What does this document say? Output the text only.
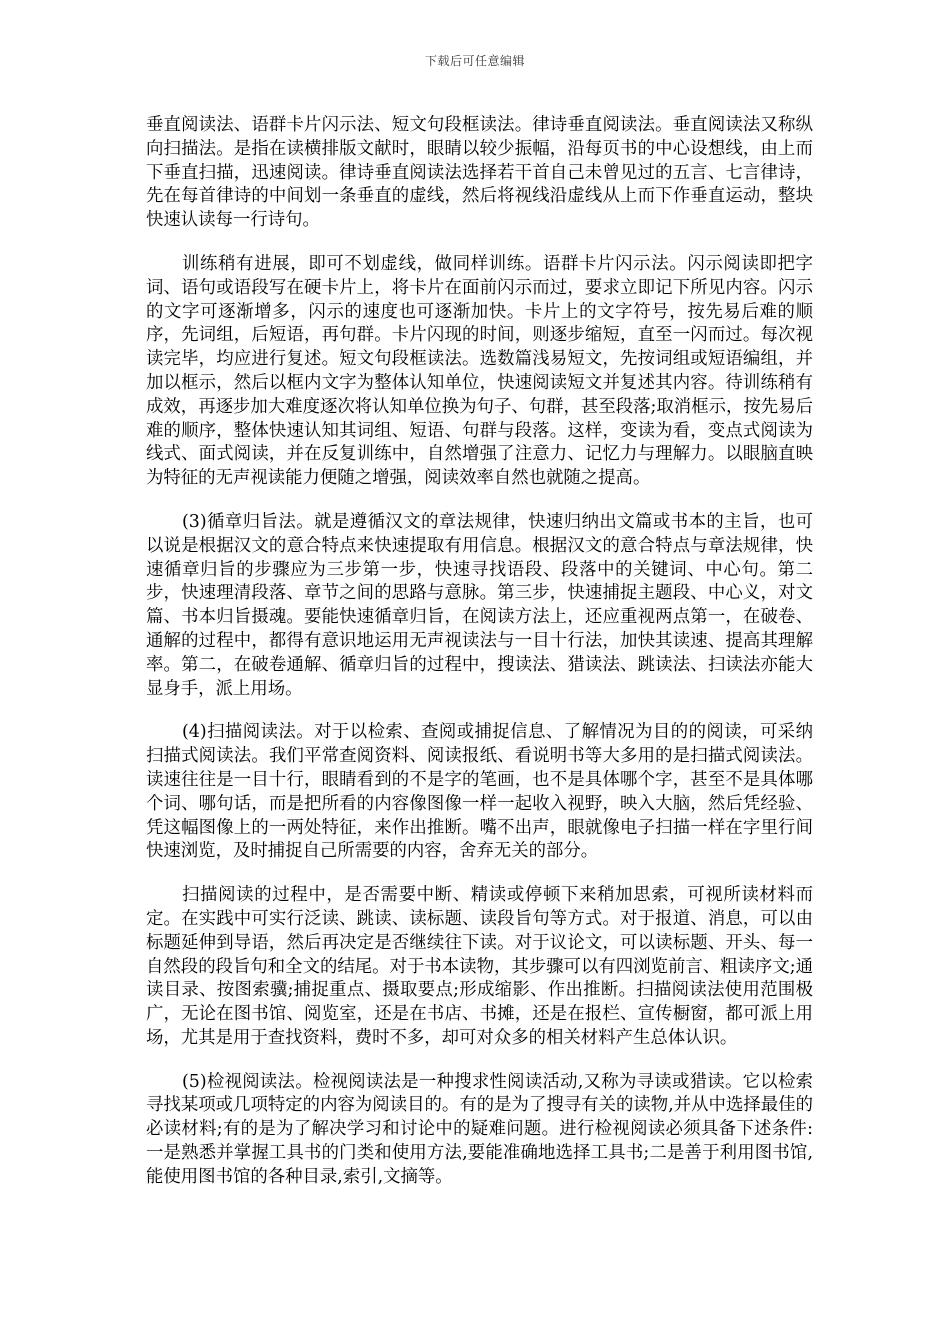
下载后可任意编辑

垂直阅读法、语群卡片闪示法、短文句段框读法。律诗垂直阅读法。垂直阅读法又称纵向扫描法。是指在读横排版文献时，眼睛以较少振幅，沿每页书的中心设想线，由上而下垂直扫描，迅速阅读。律诗垂直阅读法选择若干首自己未曾见过的五言、七言律诗，先在每首律诗的中间划一条垂直的虚线，然后将视线沿虚线从上而下作垂直运动，整块快速认读每一行诗句。

训练稍有进展，即可不划虚线，做同样训练。语群卡片闪示法。闪示阅读即把字词、语句或语段写在硬卡片上，将卡片在面前闪示而过，要求立即记下所见内容。闪示的文字可逐渐增多，闪示的速度也可逐渐加快。卡片上的文字符号，按先易后难的顺序，先词组，后短语，再句群。卡片闪现的时间，则逐步缩短，直至一闪而过。每次视读完毕，均应进行复述。短文句段框读法。选数篇浅易短文，先按词组或短语编组，并加以框示，然后以框内文字为整体认知单位，快速阅读短文并复述其内容。待训练稍有成效，再逐步加大难度逐次将认知单位换为句子、句群，甚至段落;取消框示，按先易后难的顺序，整体快速认知其词组、短语、句群与段落。这样，变读为看，变点式阅读为线式、面式阅读，并在反复训练中，自然增强了注意力、记忆力与理解力。以眼脑直映为特征的无声视读能力便随之增强，阅读效率自然也就随之提高。

(3)循章归旨法。就是遵循汉文的章法规律，快速归纳出文篇或书本的主旨，也可以说是根据汉文的意合特点来快速提取有用信息。根据汉文的意合特点与章法规律，快速循章归旨的步骤应为三步第一步，快速寻找语段、段落中的关键词、中心句。第二步，快速理清段落、章节之间的思路与意脉。第三步，快速捕捉主题段、中心义，对文篇、书本归旨摄魂。要能快速循章归旨，在阅读方法上，还应重视两点第一，在破卷、通解的过程中，都得有意识地运用无声视读法与一目十行法，加快其读速、提高其理解率。第二，在破卷通解、循章归旨的过程中，搜读法、猎读法、跳读法、扫读法亦能大显身手，派上用场。

(4)扫描阅读法。对于以检索、查阅或捕捉信息、了解情况为目的的阅读，可采纳扫描式阅读法。我们平常查阅资料、阅读报纸、看说明书等大多用的是扫描式阅读法。读速往往是一目十行，眼睛看到的不是字的笔画，也不是具体哪个字，甚至不是具体哪个词、哪句话，而是把所看的内容像图像一样一起收入视野，映入大脑，然后凭经验、凭这幅图像上的一两处特征，来作出推断。嘴不出声，眼就像电子扫描一样在字里行间快速浏览，及时捕捉自己所需要的内容，舍弃无关的部分。

扫描阅读的过程中，是否需要中断、精读或停顿下来稍加思索，可视所读材料而定。在实践中可实行泛读、跳读、读标题、读段旨句等方式。对于报道、消息，可以由标题延伸到导语，然后再决定是否继续往下读。对于议论文，可以读标题、开头、每一自然段的段旨句和全文的结尾。对于书本读物，其步骤可以有四浏览前言、粗读序文;通读目录、按图索骥;捕捉重点、摄取要点;形成缩影、作出推断。扫描阅读法使用范围极广，无论在图书馆、阅览室，还是在书店、书摊，还是在报栏、宣传橱窗，都可派上用场，尤其是用于查找资料，费时不多，却可对众多的相关材料产生总体认识。

(5)检视阅读法。检视阅读法是一种搜求性阅读活动,又称为寻读或猎读。它以检索寻找某项或几项特定的内容为阅读目的。有的是为了搜寻有关的读物,并从中选择最佳的必读材料;有的是为了解决学习和讨论中的疑难问题。进行检视阅读必须具备下述条件:一是熟悉并掌握工具书的门类和使用方法,要能准确地选择工具书;二是善于利用图书馆,能使用图书馆的各种目录,索引,文摘等。
